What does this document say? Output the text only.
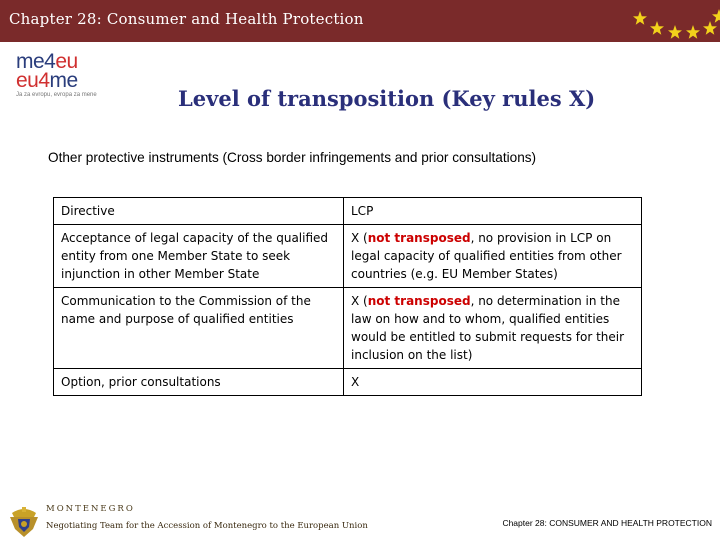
Chapter 28: Consumer and Health Protection
me4eu
eu4me
Ja za evropu, evropa za mene	Level of transposition (Key rules X)
Other protective instruments (Cross border infringements and prior consultations)
Directive	LCP
Acceptance of legal capacity of the qualified entity from one Member State to seek injunction in other Member State	X (not transposed, no provision in LCP on legal capacity of qualified entities from other countries (e.g. EU Member States)
Communication to the Commission of the name and purpose of qualified entities	X (not transposed, no determination in the law on how and to whom, qualified entities would be entitled to submit requests for their inclusion on the list)
Option, prior consultations	X
MONTENEGRO
Negotiating Team for the Accession of Montenegro to the European Union	Chapter 28: CONSUMER AND HEALTH PROTECTION
